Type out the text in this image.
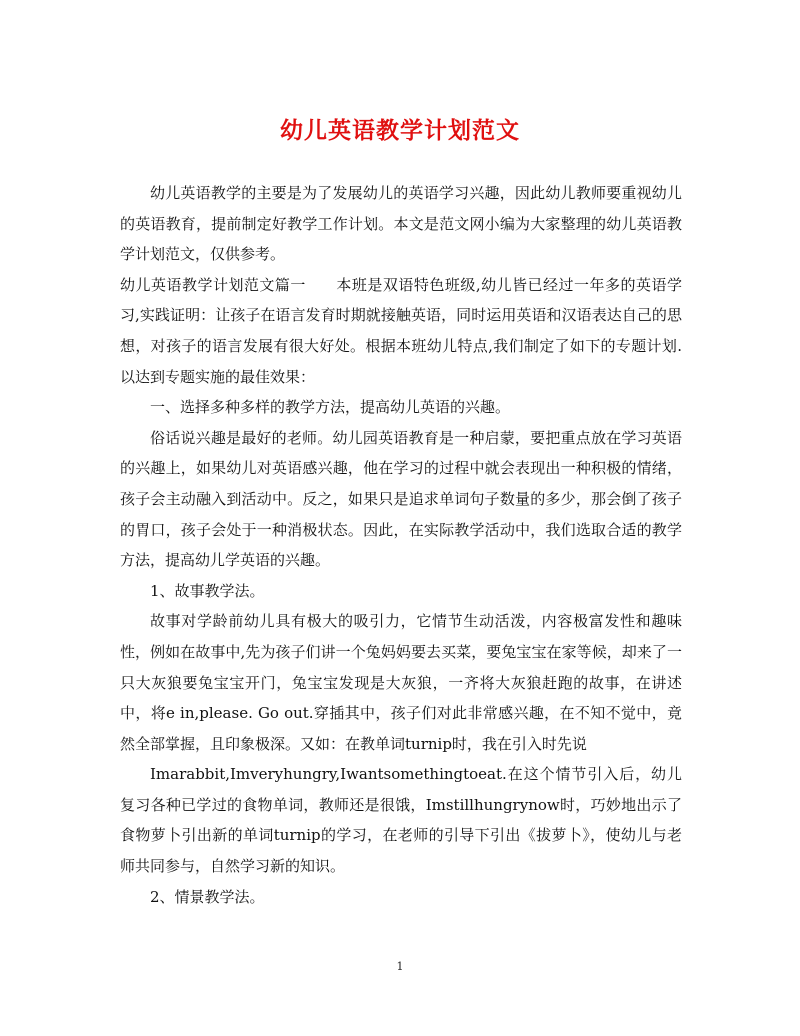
幼儿英语教学计划范文

幼儿英语教学的主要是为了发展幼儿的英语学习兴趣，因此幼儿教师要重视幼儿的英语教育，提前制定好教学工作计划。本文是范文网小编为大家整理的幼儿英语教学计划范文，仅供参考。

幼儿英语教学计划范文篇一 本班是双语特色班级,幼儿皆已经过一年多的英语学习,实践证明：让孩子在语言发育时期就接触英语，同时运用英语和汉语表达自己的思想，对孩子的语言发展有很大好处。根据本班幼儿特点,我们制定了如下的专题计划.以达到专题实施的最佳效果：

一、选择多种多样的教学方法，提高幼儿英语的兴趣。

俗话说兴趣是最好的老师。幼儿园英语教育是一种启蒙，要把重点放在学习英语的兴趣上，如果幼儿对英语感兴趣，他在学习的过程中就会表现出一种积极的情绪，孩子会主动融入到活动中。反之，如果只是追求单词句子数量的多少，那会倒了孩子的胃口，孩子会处于一种消极状态。因此，在实际教学活动中，我们选取合适的教学方法，提高幼儿学英语的兴趣。

1、故事教学法。

故事对学龄前幼儿具有极大的吸引力，它情节生动活泼，内容极富发性和趣味性，例如在故事中,先为孩子们讲一个兔妈妈要去买菜，要兔宝宝在家等候，却来了一只大灰狼要兔宝宝开门，兔宝宝发现是大灰狼，一齐将大灰狼赶跑的故事，在讲述中，将e in,please. Go out.穿插其中，孩子们对此非常感兴趣，在不知不觉中，竟然全部掌握，且印象极深。又如：在教单词turnip时，我在引入时先说

Imarabbit,Imveryhungry,Iwantsomethingtoeat.在这个情节引入后，幼儿复习各种已学过的食物单词，教师还是很饿，Imstillhungrynow时，巧妙地出示了食物萝卜引出新的单词turnip的学习，在老师的引导下引出《拔萝卜》，使幼儿与老师共同参与，自然学习新的知识。

2、情景教学法。

1
